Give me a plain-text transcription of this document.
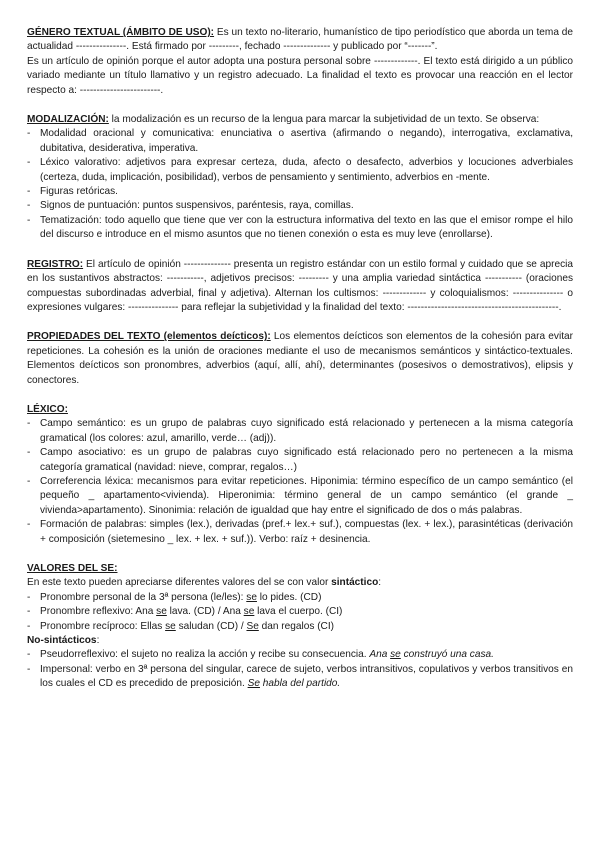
GÉNERO TEXTUAL (ÁMBITO DE USO): Es un texto no-literario, humanístico de tipo periodístico que aborda un tema de actualidad ---------------. Está firmado por ---------, fechado -------------- y publicado por “-------”.

Es un artículo de opinión porque el autor adopta una postura personal sobre -------------. El texto está dirigido a un público variado mediante un título llamativo y un registro adecuado. La finalidad el texto es provocar una reacción en el lector respecto a: ------------------------.

MODALIZACIÓN: la modalización es un recurso de la lengua para marcar la subjetividad de un texto. Se observa:

- Modalidad oracional y comunicativa: enunciativa o asertiva (afirmando o negando), interrogativa, exclamativa, dubitativa, desiderativa, imperativa.
- Léxico valorativo: adjetivos para expresar certeza, duda, afecto o desafecto, adverbios y locuciones adverbiales (certeza, duda, implicación, posibilidad), verbos de pensamiento y sentimiento, adverbios en -mente.
- Figuras retóricas.
- Signos de puntuación: puntos suspensivos, paréntesis, raya, comillas.
- Tematización: todo aquello que tiene que ver con la estructura informativa del texto en las que el emisor rompe el hilo del discurso e introduce en el mismo asuntos que no tienen conexión o esta es muy leve (enrollarse).

REGISTRO: El artículo de opinión -------------- presenta un registro estándar con un estilo formal y cuidado que se aprecia en los sustantivos abstractos: -----------, adjetivos precisos: --------- y una amplia variedad sintáctica ----------- (oraciones compuestas subordinadas adverbial, final y adjetiva). Alternan los cultismos: ------------- y coloquialismos: --------------- o expresiones vulgares: --------------- para reflejar la subjetividad y la finalidad del texto: ---------------------------------------------.

PROPIEDADES DEL TEXTO (elementos deícticos): Los elementos deícticos son elementos de la cohesión para evitar repeticiones. La cohesión es la unión de oraciones mediante el uso de mecanismos semánticos y sintáctico-textuales. Elementos deícticos son pronombres, adverbios (aquí, allí, ahí), determinantes (posesivos o demostrativos), elipsis y conectores.

LÉXICO:

- Campo semántico: es un grupo de palabras cuyo significado está relacionado y pertenecen a la misma categoría gramatical (los colores: azul, amarillo, verde… (adj)).
- Campo asociativo: es un grupo de palabras cuyo significado está relacionado pero no pertenecen a la misma categoría gramatical (navidad: nieve, comprar, regalos…)
- Correferencia léxica: mecanismos para evitar repeticiones. Hiponimia: término específico de un campo semántico (el pequeño _ apartamento<vivienda). Hiperonimia: término general de un campo semántico (el grande _ vivienda>apartamento). Sinonimia: relación de igualdad que hay entre el significado de dos o más palabras.
- Formación de palabras: simples (lex.), derivadas (pref.+ lex.+ suf.), compuestas (lex. + lex.), parasintéticas (derivación + composición (sietemesino _ lex. + lex. + suf.)). Verbo: raíz + desinencia.

VALORES DEL SE:

En este texto pueden apreciarse diferentes valores del se con valor sintáctico:

- Pronombre personal de la 3ª persona (le/les): se lo pides. (CD)
- Pronombre reflexivo: Ana se lava. (CD) / Ana se lava el cuerpo. (CI)
- Pronombre recíproco: Ellas se saludan (CD) / Se dan regalos (CI)

No-sintácticos:

- Pseudorreflexivo: el sujeto no realiza la acción y recibe su consecuencia. Ana se construyó una casa.
- Impersonal: verbo en 3ª persona del singular, carece de sujeto, verbos intransitivos, copulativos y verbos transitivos en los cuales el CD es precedido de preposición. Se habla del partido.
